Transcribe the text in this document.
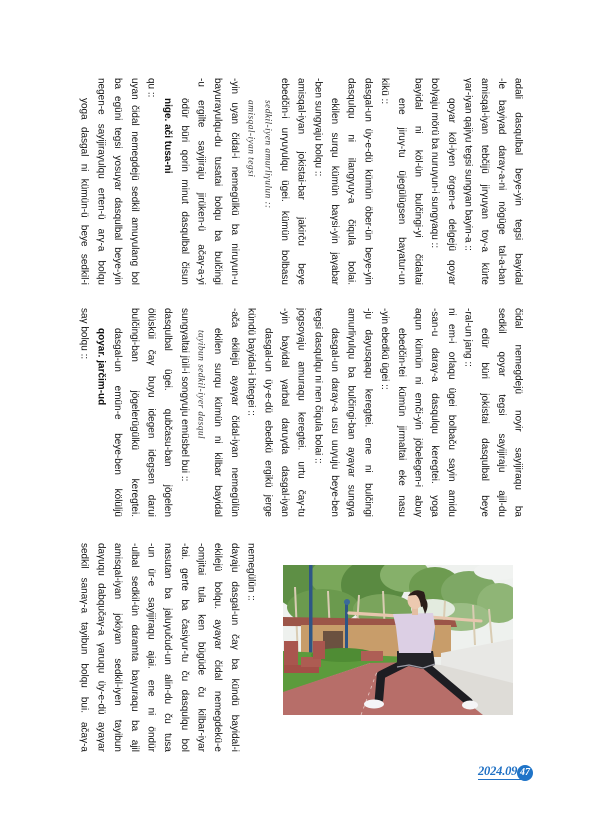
yoga dasgal ni kümün-ü beye sedkil-i negen-e sayijiraγulqu erten-ü arγ-a bolqu ba egüni tegsi yosuγar dasqulbal beye-yin uyan čidal nemegdejü sedkil amuγulang bol qu ::
nige. ači tusa-ni ödür büri qorin minut dasqulbal čisun -u ergilte sayijiraju jirüken-ü ačaγ-a-yi baγuraγulqu-du tusatai bolqu ba bulčingi -yin uyan čidal-i nemegülkü ba niruγun-u amisqal-iyan tegsi sedkil-iyen amurliγulun :: ebedčin-i urγuγulqu ügei. kümün bolbasu amisqal-iyan jokistai-bar jakirču beye -ben sungγaju bolqu :: ekilen surqu kümün baγsi-yin jaγabar dasqulqu ni ilangγuy-a čiqula bolai. dasgal-un üy-e-dü kümün öber-ün beye-yin kikü ::
ene jiruγ-tu üjegülügsen baγatur-un bayidal ni köl-ün bulčingi-yi čidaltai bolγaju mörü ba nuruγun-i sungγaqu :: qoyar köl-iyen örgen-e delgejü qoyar γar-iyan qajiγu tegsi sungγan bayin-a :: amisqal-iyan tebčijü jirγuγan toγ-a kürte -le bayiγad daraγ-a-ni nögüge tal-a-ban adali dasqulbal beye-yin tegsi bayidal
saγ bolqu :: qoyar. jarčim-ud dasgal-un emün-e beye-ben kölüljü bulčingi-ban jögelerügülkü keregtei. ölüsküi čaγ buyu idegen idegsen darui dasqulbal ügei. qubčasu-ban jögelen sungγaltai jüil-i songγuju emüsbel bui :: tayibun sedkil-iyer dasqul ekilen surqu kümün ni kilbar bayidal -ača ekilejü ayaγar čidal-iyan nemegülün kündü bayidal-i bitegei :: dasgal-un üy-e-dü ebedkü ergikü jerge -yin bayidal γarbal daruγda dasgal-iyan jogsoγaju amuraqu keregtei. urtu čaγ-tu tegsi dasqulqu ni nen čiqula bolai :: dasgal-un daraγ-a usu uuγuju beye-ben amurliγulqu ba bulčingi-ban ayaγar sungγa -ju dayusqaqu keregtei. ene ni bulčingi -yin ebedkü ügei :: ebedčin-tei kümün jirmaltai eke nasu aqun kümün ni emči-yin jöbelegen-i abuγ -san-u daraγ-a dasqulqu keregtei. yoga ni em-i orlaqu ügei bolbaču sayin amidu -ral-un jang :: edür büri jokistai dasqulbal beye sedkil qoyar tegsi sayijiraju ajil-du čidal nemegdejü noyir sayijiraqu ba
sedkil sanaγ-a tayibun bolqu bui. ačaγ-a daγuqu dabqučaγ-a γaruqu üy-e-dü ayaγar amisqal-iyan jokiyan sedkil-iyen tayibun -ulbal sedkil-ün daramta baγuraqu ba ajil -un ür-e sayijiraqu ajai. ene ni öndür nasutan ba jaluγučud-un alin-du ču tusa -tai. gerte ba časiγur-tu ču dasqulqu bol -omjitai tula ken bügüde ču kilbar-iyar ekilejü bolqu. ayaγar čidal nemegdekü-e daγaju dasgal-un čaγ ba kündü bayidal-i nemegülün ::
2024.09 47
